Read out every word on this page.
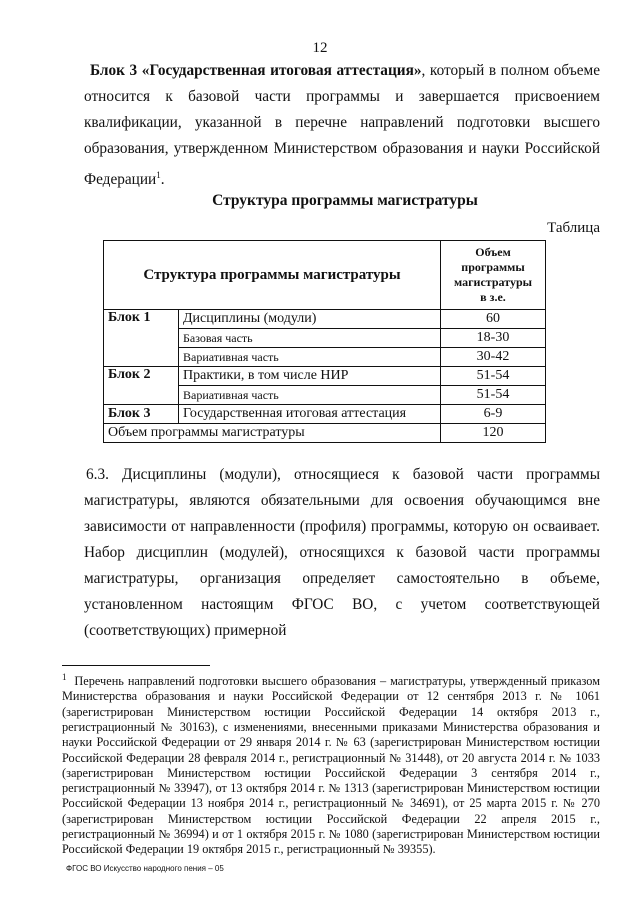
12
Блок 3 «Государственная итоговая аттестация», который в полном объеме относится к базовой части программы и завершается присвоением квалификации, указанной в перечне направлений подготовки высшего образования, утвержденном Министерством образования и науки Российской Федерации$^1$.
Структура программы магистратуры
Таблица
Структура программы магистратуры		Объем
программы
магистратуры
в з.е.

Блок 1	Дисциплины (модули)	60
	Базовая часть	18-30
	Вариативная часть	30-42
Блок 2	Практики, в том числе НИР	51-54
	Вариативная часть	51-54
Блок 3	Государственная итоговая аттестация	6-9
Объем программы магистратуры		120
6.3. Дисциплины (модули), относящиеся к базовой части программы магистратуры, являются обязательными для освоения обучающимся вне зависимости от направленности (профиля) программы, которую он осваивает. Набор дисциплин (модулей), относящихся к базовой части программы магистратуры, организация определяет самостоятельно в объеме, установленном настоящим ФГОС ВО, с учетом соответствующей (соответствующих) примерной
$^1$ Перечень направлений подготовки высшего образования – магистратуры, утвержденный приказом Министерства образования и науки Российской Федерации от 12 сентября 2013 г. № 1061 (зарегистрирован Министерством юстиции Российской Федерации 14 октября 2013 г., регистрационный № 30163), с изменениями, внесенными приказами Министерства образования и науки Российской Федерации от 29 января 2014 г. № 63 (зарегистрирован Министерством юстиции Российской Федерации 28 февраля 2014 г., регистрационный № 31448), от 20 августа 2014 г. № 1033 (зарегистрирован Министерством юстиции Российской Федерации 3 сентября 2014 г., регистрационный № 33947), от 13 октября 2014 г. № 1313 (зарегистрирован Министерством юстиции Российской Федерации 13 ноября 2014 г., регистрационный № 34691), от 25 марта 2015 г. № 270 (зарегистрирован Министерством юстиции Российской Федерации 22 апреля 2015 г., регистрационный № 36994) и от 1 октября 2015 г. № 1080 (зарегистрирован Министерством юстиции Российской Федерации 19 октября 2015 г., регистрационный № 39355).
ФГОС ВО Искусство народного пения – 05
